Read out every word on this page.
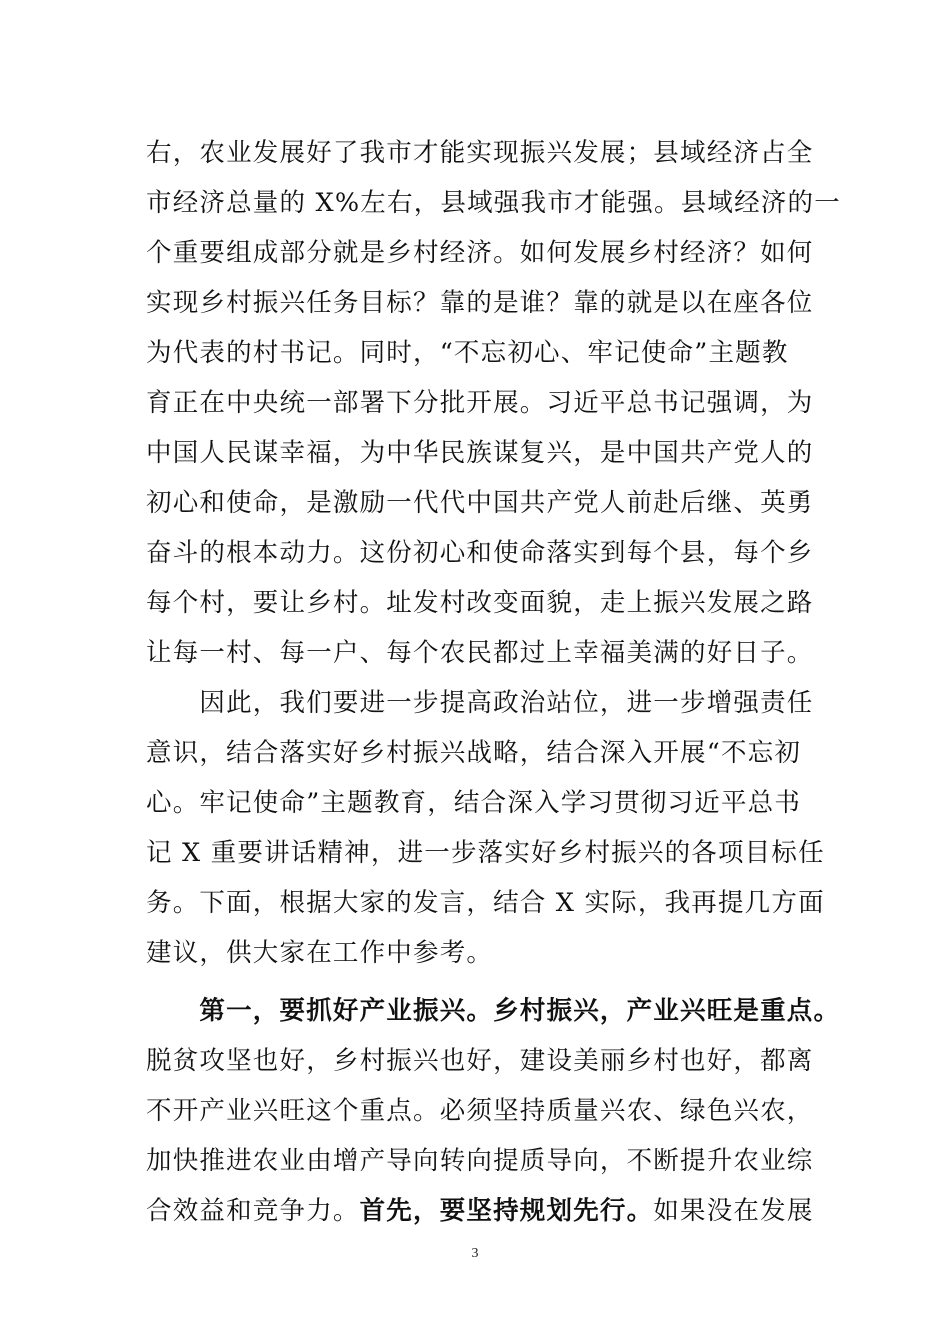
右，农业发展好了我市才能实现振兴发展；县域经济占全
市经济总量的 X%左右，县域强我市才能强。县域经济的一
个重要组成部分就是乡村经济。如何发展乡村经济？如何
实现乡村振兴任务目标？靠的是谁？靠的就是以在座各位
为代表的村书记。同时，“不忘初心、牢记使命”主题教
育正在中央统一部署下分批开展。习近平总书记强调，为
中国人民谋幸福，为中华民族谋复兴，是中国共产党人的
初心和使命，是激励一代代中国共产党人前赴后继、英勇
奋斗的根本动力。这份初心和使命落实到每个县，每个乡
每个村，要让乡村。址发村改变面貌，走上振兴发展之路
让每一村、每一户、每个农民都过上幸福美满的好日子。
　　因此，我们要进一步提高政治站位，进一步增强责任
意识，结合落实好乡村振兴战略，结合深入开展“不忘初
心。牢记使命”主题教育，结合深入学习贯彻习近平总书
记 X 重要讲话精神，进一步落实好乡村振兴的各项目标任
务。下面，根据大家的发言，结合 X 实际，我再提几方面
建议，供大家在工作中参考。
　　第一，要抓好产业振兴。乡村振兴，产业兴旺是重点。
脱贫攻坚也好，乡村振兴也好，建设美丽乡村也好，都离
不开产业兴旺这个重点。必须坚持质量兴农、绿色兴农，
加快推进农业由增产导向转向提质导向，不断提升农业综
合效益和竞争力。首先，要坚持规划先行。如果没在发展
3
